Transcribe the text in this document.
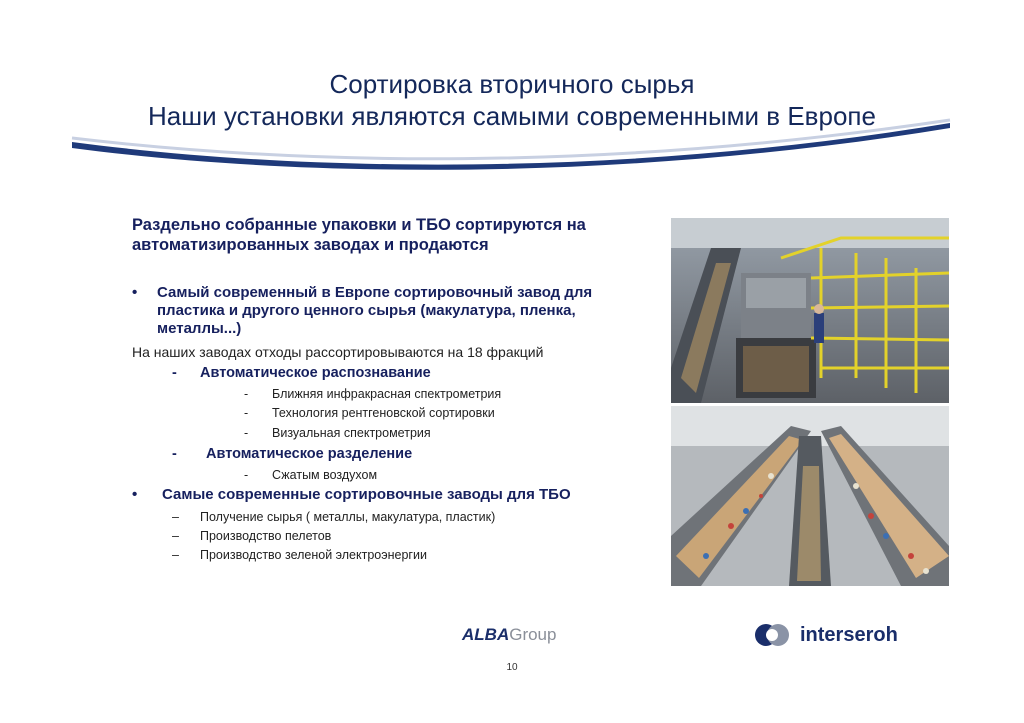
Сортировка вторичного сырья
Наши установки являются самыми современными в Европе
Раздельно собранные упаковки и ТБО сортируются на автоматизированных заводах и продаются
• Самый современный в Европе сортировочный завод для пластика и другого ценного сырья (макулатура, пленка, металлы...)
На наших заводах отходы рассортировываются на 18 фракций
- Автоматическое распознавание
- Ближняя инфракрасная спектрометрия
- Технология рентгеновской сортировки
- Визуальная спектрометрия
- Автоматическое разделение
- Сжатым воздухом
• Самые современные сортировочные заводы для ТБО
– Получение сырья ( металлы, макулатура, пластик)
– Производство пелетов
– Производство зеленой электроэнергии
ALBAGroup	interseroh
10
